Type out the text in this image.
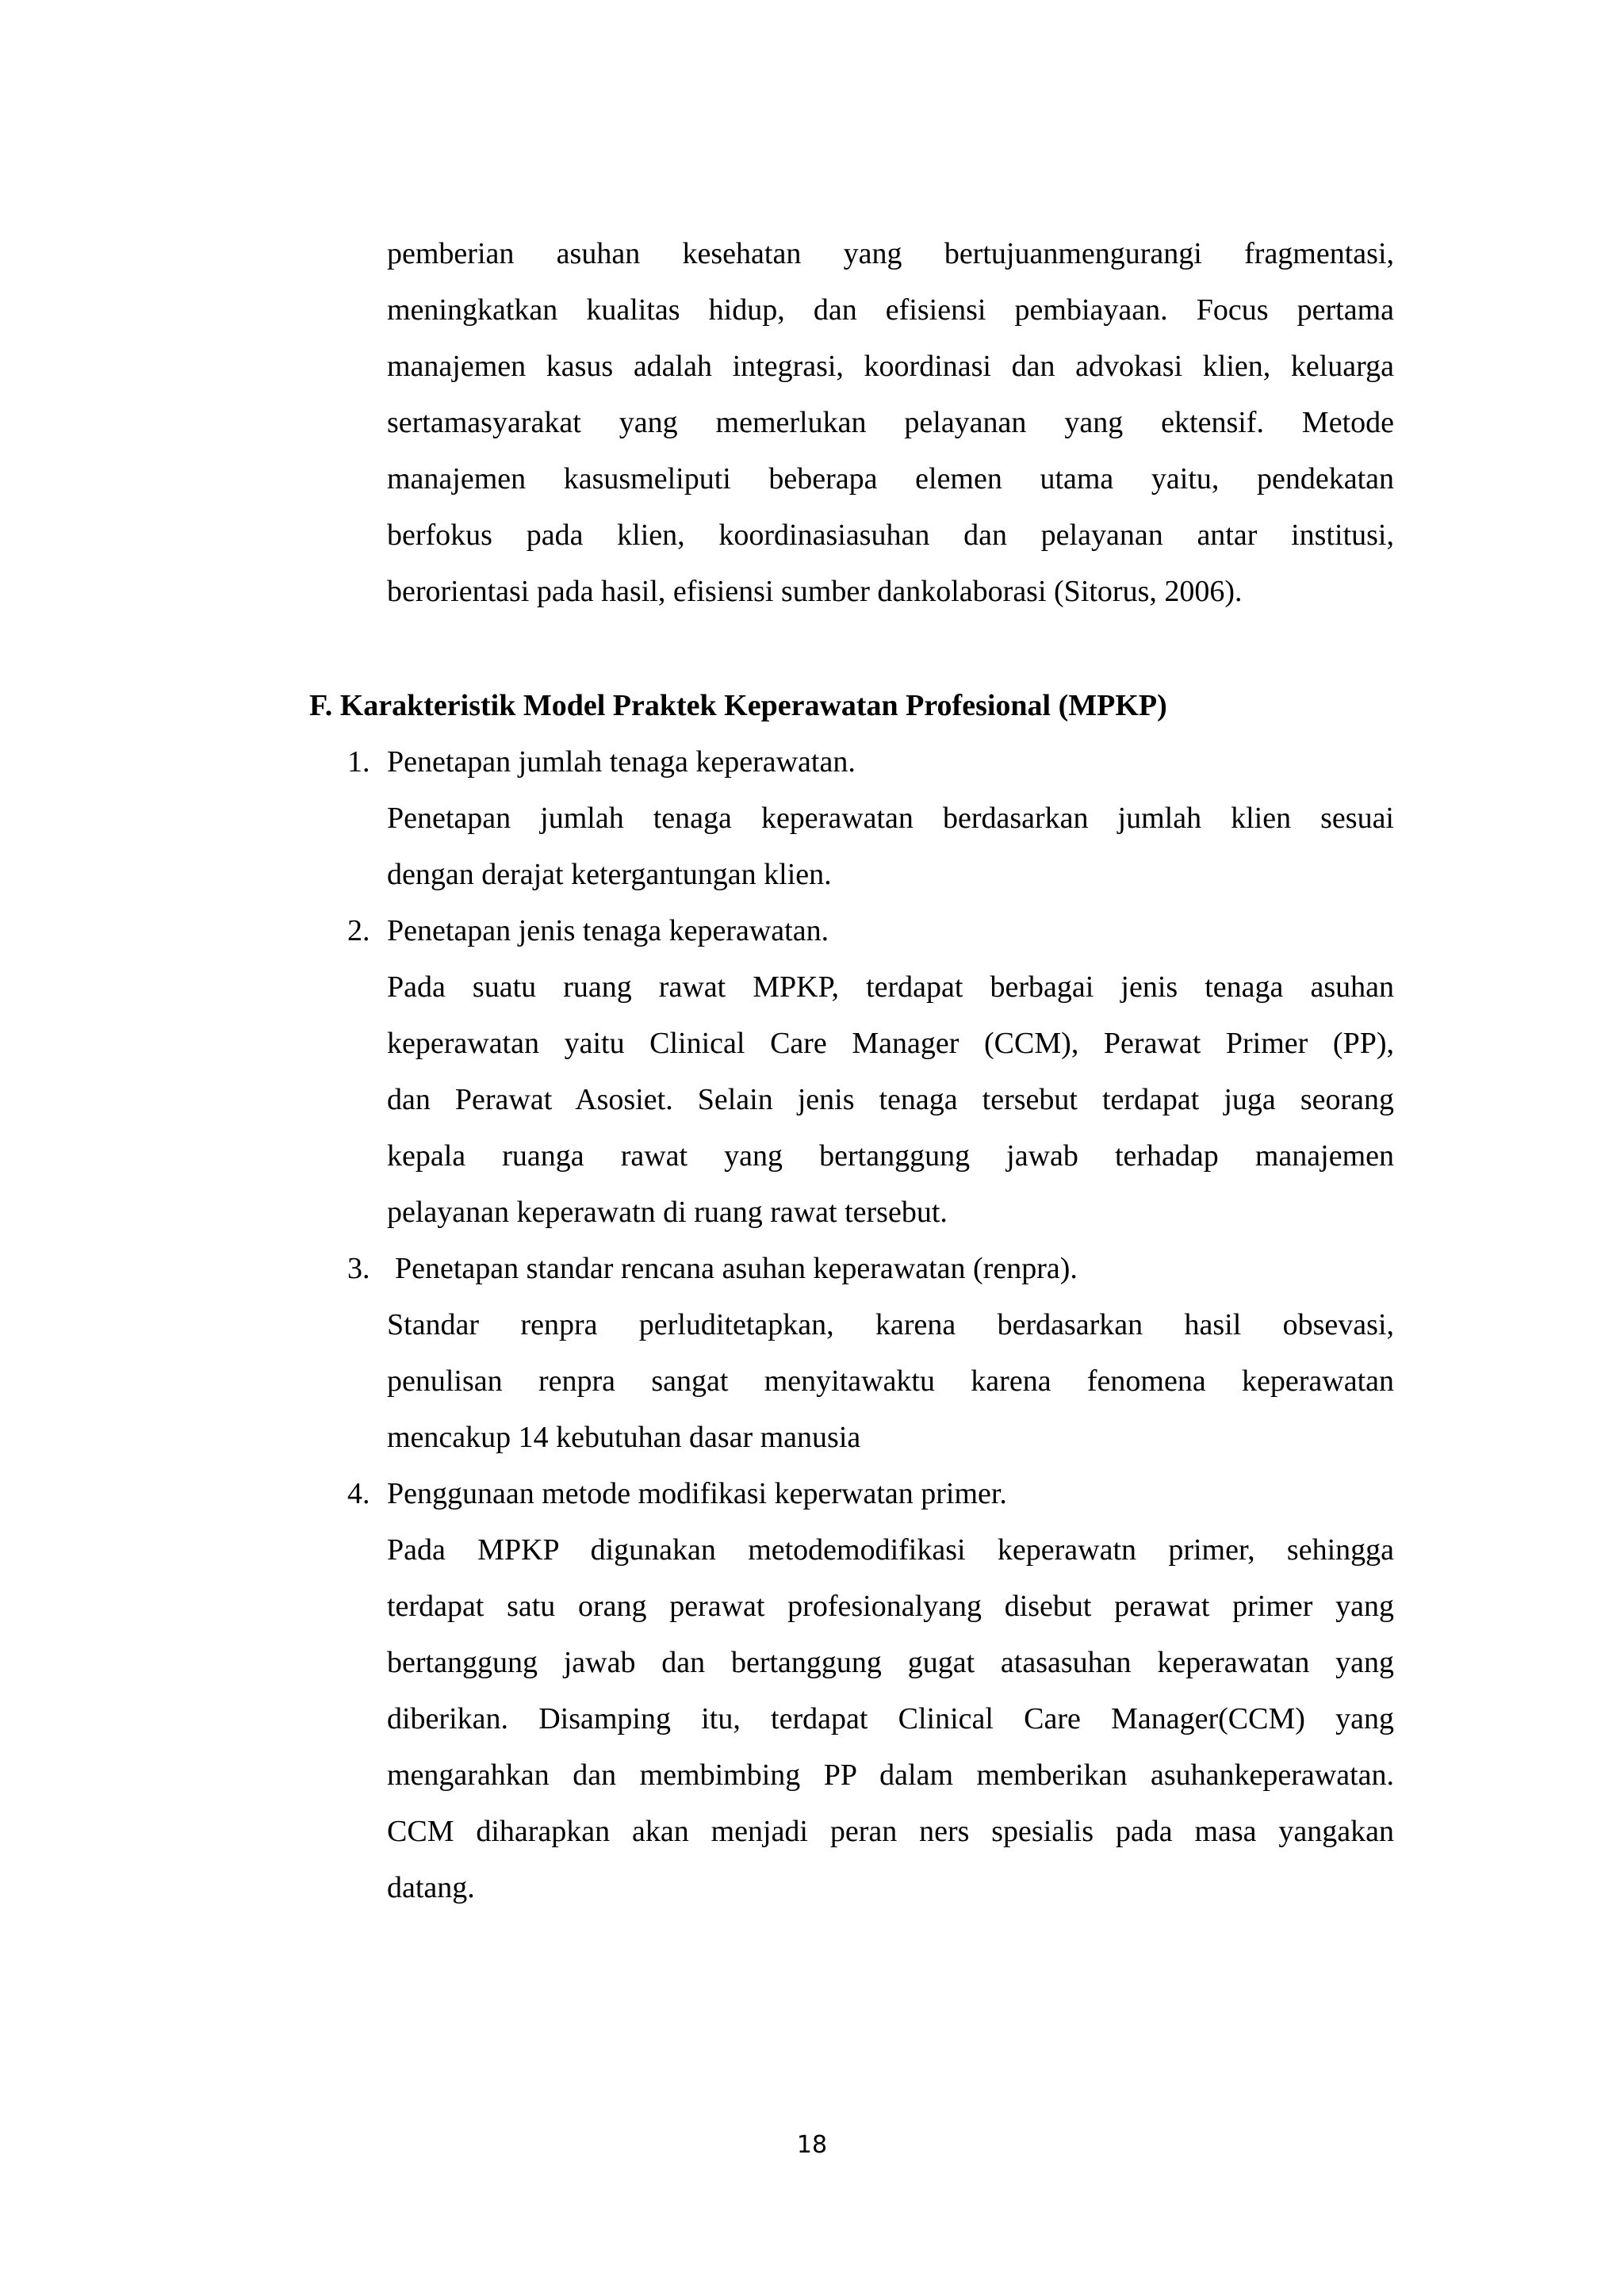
pemberian asuhan kesehatan yang bertujuanmengurangi fragmentasi,
meningkatkan kualitas hidup, dan efisiensi pembiayaan. Focus pertama
manajemen kasus adalah integrasi, koordinasi dan advokasi klien, keluarga
sertamasyarakat yang memerlukan pelayanan yang ektensif. Metode
manajemen kasusmeliputi beberapa elemen utama yaitu, pendekatan
berfokus pada klien, koordinasiasuhan dan pelayanan antar institusi,
berorientasi pada hasil, efisiensi sumber dankolaborasi (Sitorus, 2006).
F. Karakteristik Model Praktek Keperawatan Profesional (MPKP)
1. Penetapan jumlah tenaga keperawatan.
Penetapan jumlah tenaga keperawatan berdasarkan jumlah klien sesuai
dengan derajat ketergantungan klien.
2. Penetapan jenis tenaga keperawatan.
Pada suatu ruang rawat MPKP, terdapat berbagai jenis tenaga asuhan
keperawatan yaitu Clinical Care Manager (CCM), Perawat Primer (PP),
dan Perawat Asosiet. Selain jenis tenaga tersebut terdapat juga seorang
kepala ruanga rawat yang bertanggung jawab terhadap manajemen
pelayanan keperawatn di ruang rawat tersebut.
3. Penetapan standar rencana asuhan keperawatan (renpra).
Standar renpra perluditetapkan, karena berdasarkan hasil obsevasi,
penulisan renpra sangat menyitawaktu karena fenomena keperawatan
mencakup 14 kebutuhan dasar manusia
4. Penggunaan metode modifikasi keperwatan primer.
Pada MPKP digunakan metodemodifikasi keperawatn primer, sehingga
terdapat satu orang perawat profesionalyang disebut perawat primer yang
bertanggung jawab dan bertanggung gugat atasasuhan keperawatan yang
diberikan. Disamping itu, terdapat Clinical Care Manager(CCM) yang
mengarahkan dan membimbing PP dalam memberikan asuhankeperawatan.
CCM diharapkan akan menjadi peran ners spesialis pada masa yangakan
datang.
18
